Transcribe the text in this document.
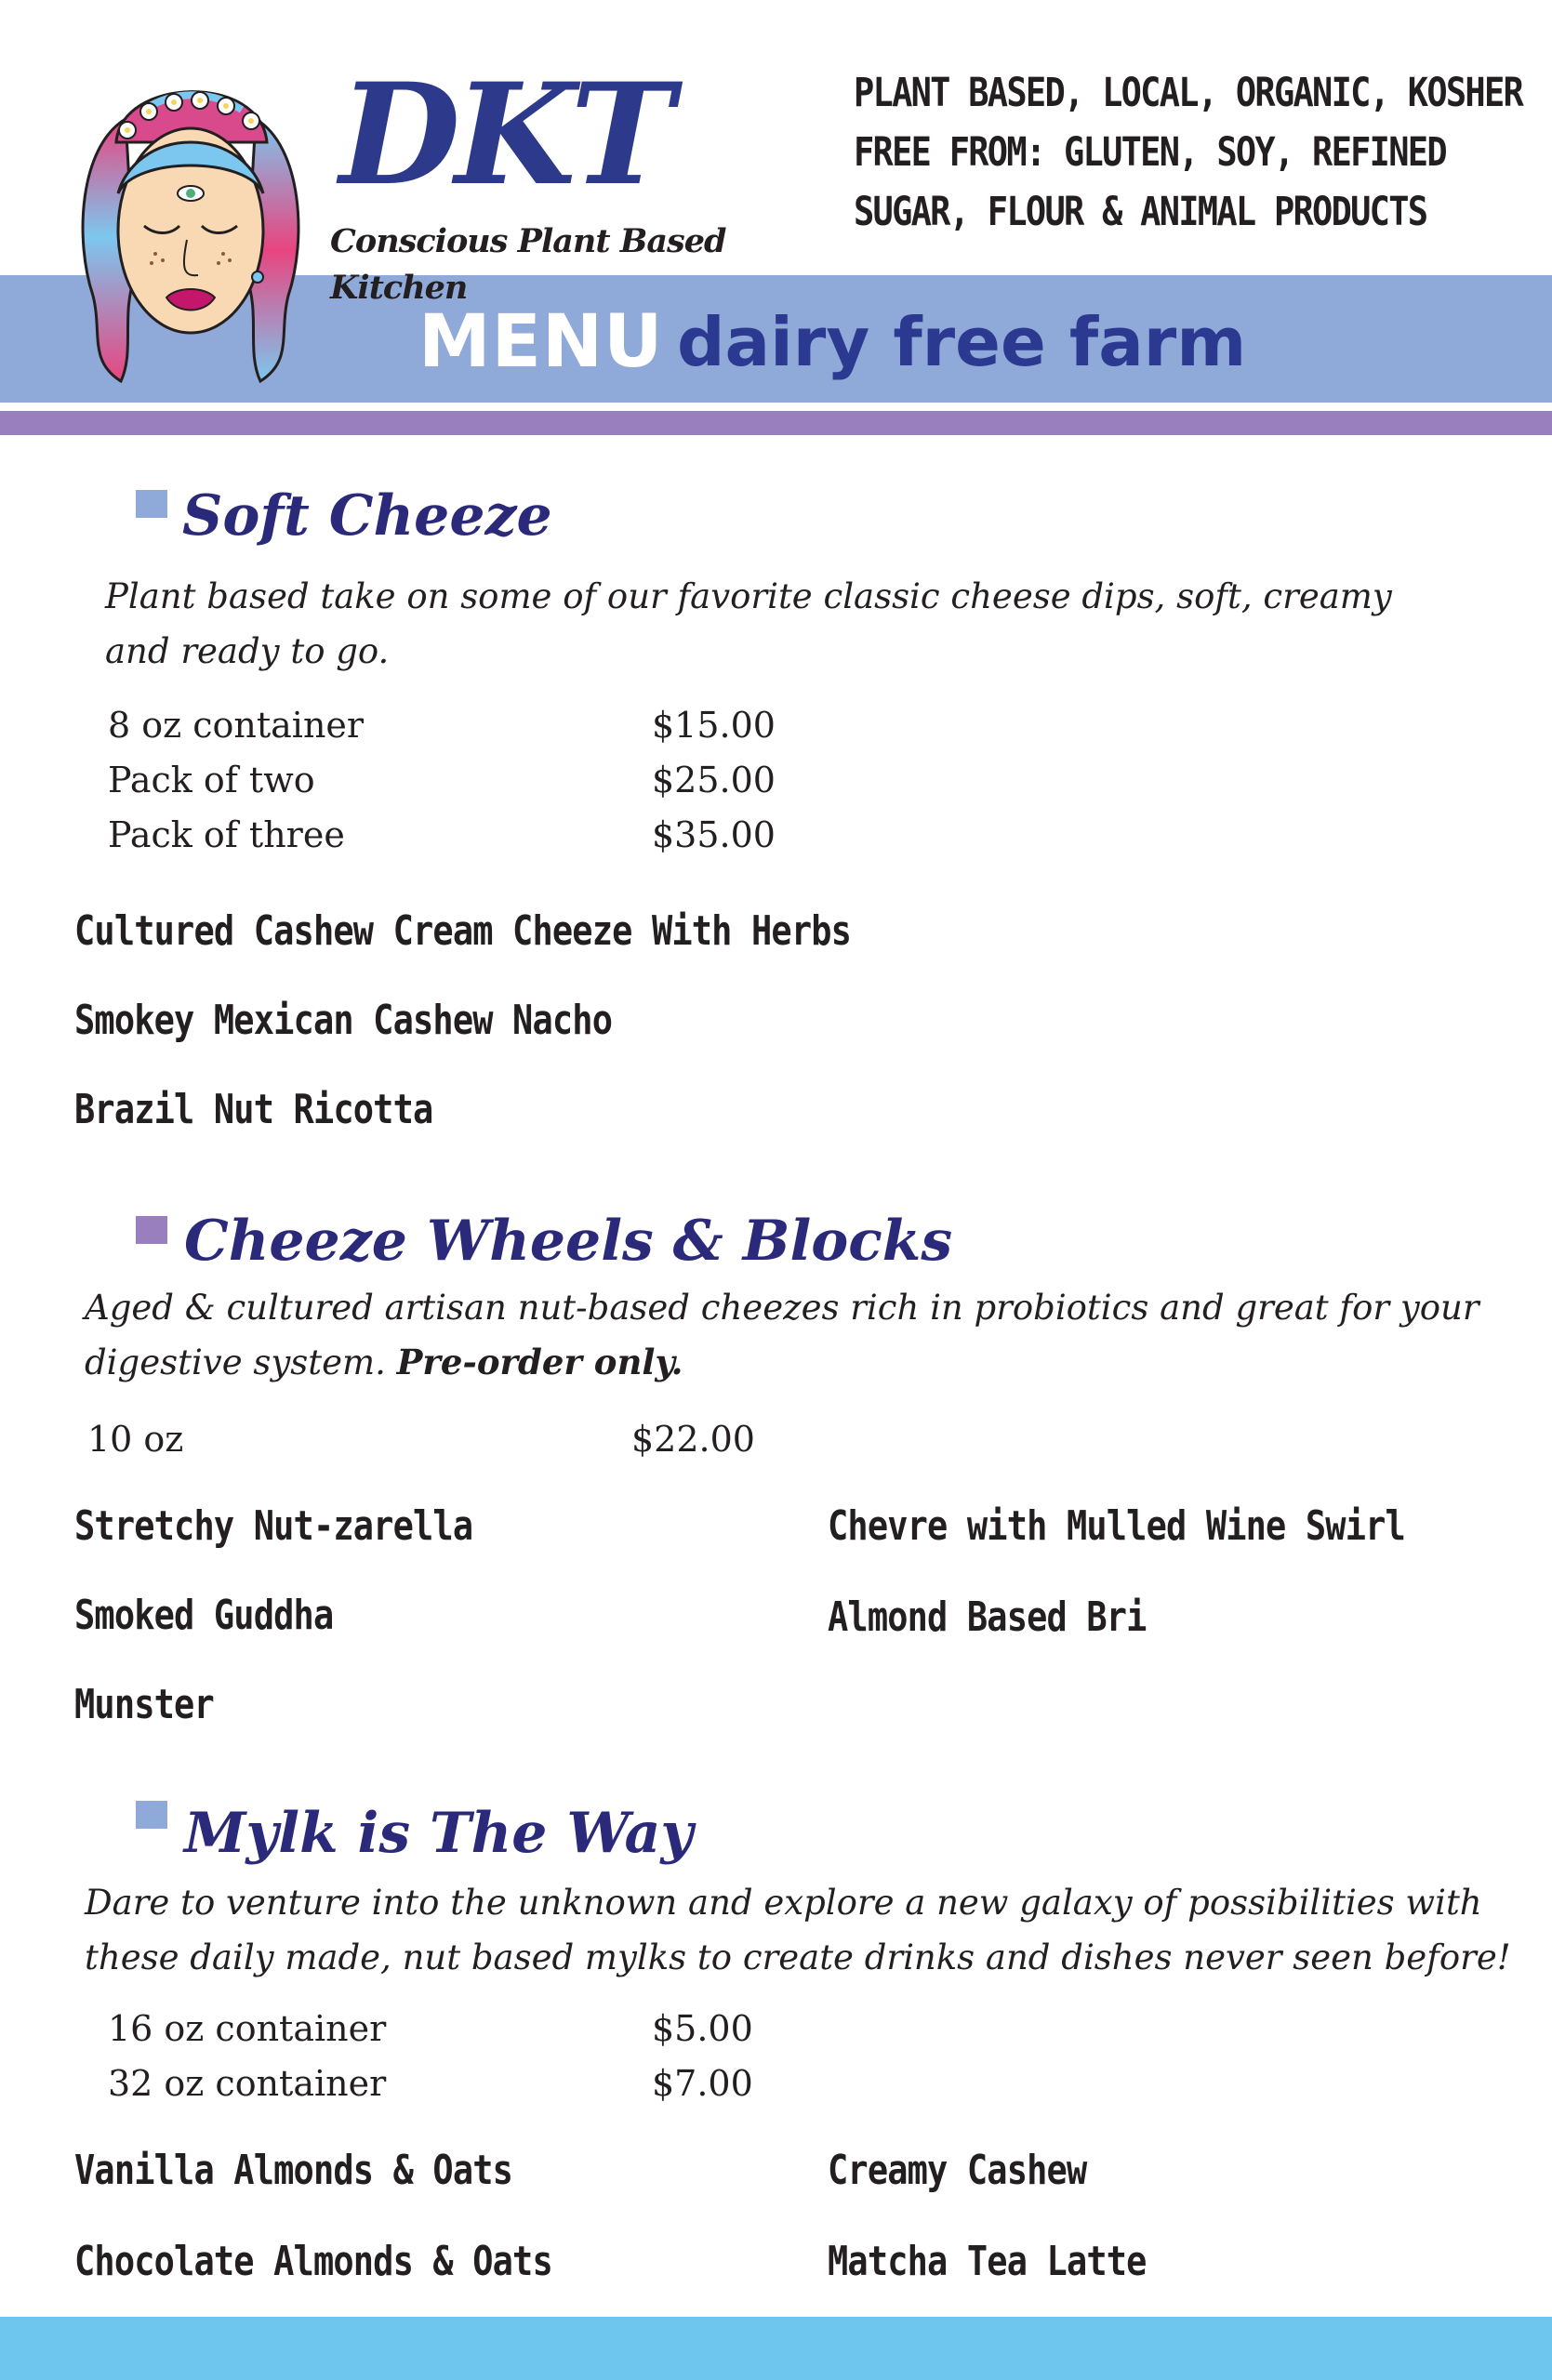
DKT
Conscious Plant Based Kitchen
PLANT BASED, LOCAL, ORGANIC, KOSHER
FREE FROM: GLUTEN, SOY, REFINED
SUGAR, FLOUR & ANIMAL PRODUCTS
MENU dairy free farm
Soft Cheeze
Plant based take on some of our favorite classic cheese dips, soft, creamy
and ready to go.
8 oz container	$15.00
Pack of two	$25.00
Pack of three	$35.00
Cultured Cashew Cream Cheeze With Herbs
Smokey Mexican Cashew Nacho
Brazil Nut Ricotta
Cheeze Wheels & Blocks
Aged & cultured artisan nut-based cheezes rich in probiotics and great for your
digestive system. Pre-order only.
10 oz	$22.00
Stretchy Nut-zarella
Smoked Guddha
Munster
Chevre with Mulled Wine Swirl
Almond Based Bri
Mylk is The Way
Dare to venture into the unknown and explore a new galaxy of possibilities with
these daily made, nut based mylks to create drinks and dishes never seen before!
16 oz container	$5.00
32 oz container	$7.00
Vanilla Almonds & Oats
Chocolate Almonds & Oats
Creamy Cashew
Matcha Tea Latte
